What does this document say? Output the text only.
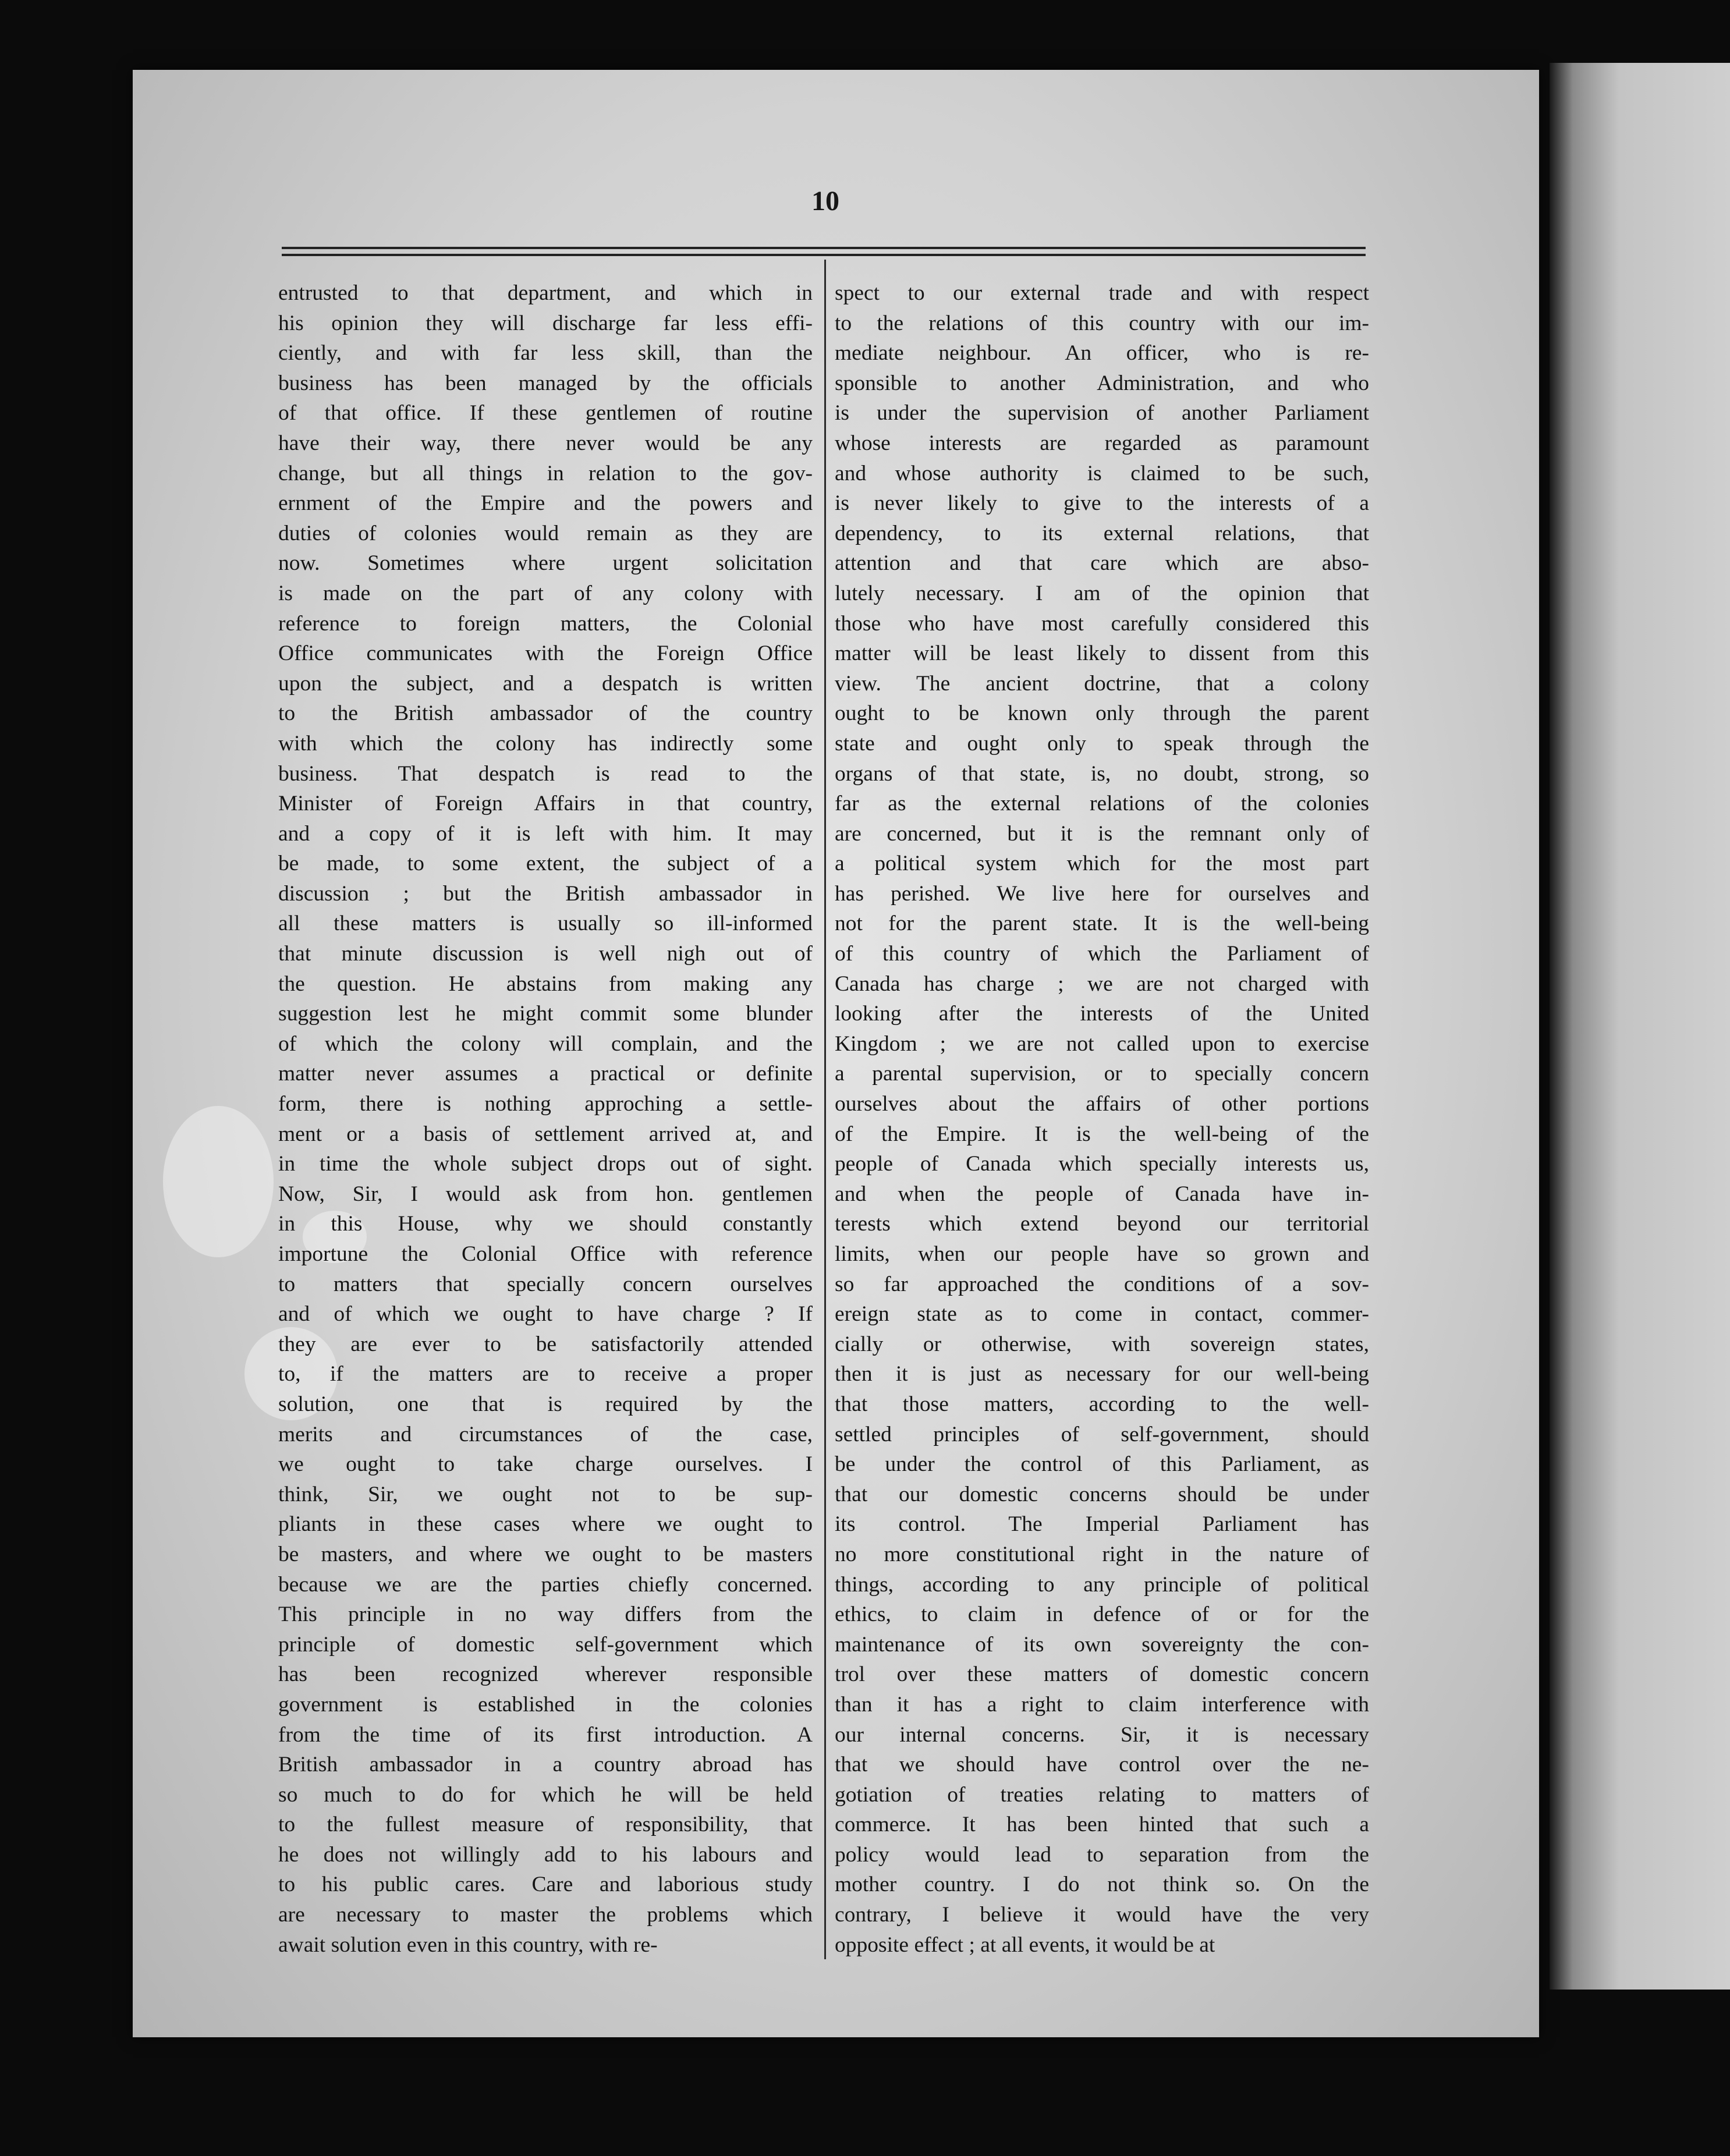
10
entrusted to that department, and which in
his opinion they will discharge far less effi-
ciently, and with far less skill, than the
business has been managed by the officials
of that office. If these gentlemen of routine
have their way, there never would be any
change, but all things in relation to the gov-
ernment of the Empire and the powers and
duties of colonies would remain as they are
now. Sometimes where urgent solicitation
is made on the part of any colony with
reference to foreign matters, the Colonial
Office communicates with the Foreign Office
upon the subject, and a despatch is written
to the British ambassador of the country
with which the colony has indirectly some
business. That despatch is read to the
Minister of Foreign Affairs in that country,
and a copy of it is left with him. It may
be made, to some extent, the subject of a
discussion ; but the British ambassador in
all these matters is usually so ill-informed
that minute discussion is well nigh out of
the question. He abstains from making any
suggestion lest he might commit some blunder
of which the colony will complain, and the
matter never assumes a practical or definite
form, there is nothing approching a settle-
ment or a basis of settlement arrived at, and
in time the whole subject drops out of sight.
Now, Sir, I would ask from hon. gentlemen
in this House, why we should constantly
importune the Colonial Office with reference
to matters that specially concern ourselves
and of which we ought to have charge ? If
they are ever to be satisfactorily attended
to, if the matters are to receive a proper
solution, one that is required by the
merits and circumstances of the case,
we ought to take charge ourselves. I
think, Sir, we ought not to be sup-
pliants in these cases where we ought to
be masters, and where we ought to be masters
because we are the parties chiefly concerned.
This principle in no way differs from the
principle of domestic self-government which
has been recognized wherever responsible
government is established in the colonies
from the time of its first introduction. A
British ambassador in a country abroad has
so much to do for which he will be held
to the fullest measure of responsibility, that
he does not willingly add to his labours and
to his public cares. Care and laborious study
are necessary to master the problems which
await solution even in this country, with re-
spect to our external trade and with respect
to the relations of this country with our im-
mediate neighbour. An officer, who is re-
sponsible to another Administration, and who
is under the supervision of another Parliament
whose interests are regarded as paramount
and whose authority is claimed to be such,
is never likely to give to the interests of a
dependency, to its external relations, that
attention and that care which are abso-
lutely necessary. I am of the opinion that
those who have most carefully considered this
matter will be least likely to dissent from this
view. The ancient doctrine, that a colony
ought to be known only through the parent
state and ought only to speak through the
organs of that state, is, no doubt, strong, so
far as the external relations of the colonies
are concerned, but it is the remnant only of
a political system which for the most part
has perished. We live here for ourselves and
not for the parent state. It is the well-being
of this country of which the Parliament of
Canada has charge ; we are not charged with
looking after the interests of the United
Kingdom ; we are not called upon to exercise
a parental supervision, or to specially concern
ourselves about the affairs of other portions
of the Empire. It is the well-being of the
people of Canada which specially interests us,
and when the people of Canada have in-
terests which extend beyond our territorial
limits, when our people have so grown and
so far approached the conditions of a sov-
ereign state as to come in contact, commer-
cially or otherwise, with sovereign states,
then it is just as necessary for our well-being
that those matters, according to the well-
settled principles of self-government, should
be under the control of this Parliament, as
that our domestic concerns should be under
its control. The Imperial Parliament has
no more constitutional right in the nature of
things, according to any principle of political
ethics, to claim in defence of or for the
maintenance of its own sovereignty the con-
trol over these matters of domestic concern
than it has a right to claim interference with
our internal concerns. Sir, it is necessary
that we should have control over the ne-
gotiation of treaties relating to matters of
commerce. It has been hinted that such a
policy would lead to separation from the
mother country. I do not think so. On the
contrary, I believe it would have the very
opposite effect ; at all events, it would be at
